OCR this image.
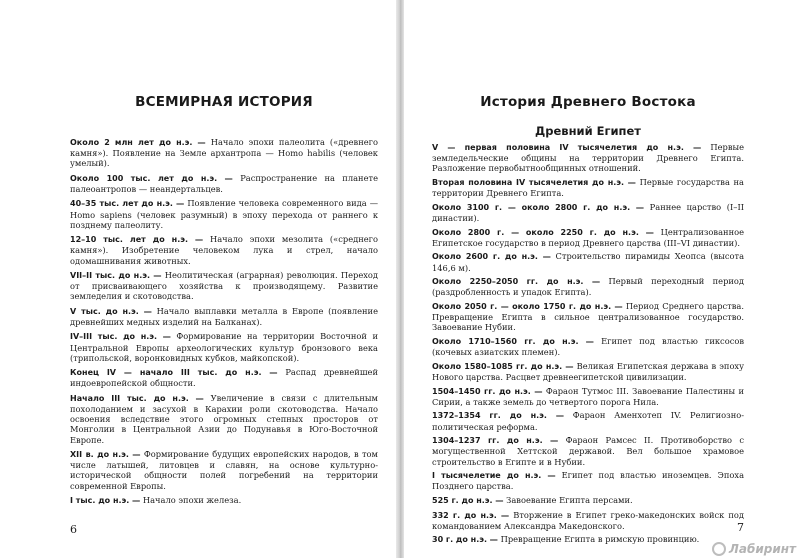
ВСЕМИРНАЯ ИСТОРИЯ
Около 2 млн лет до н.э. — Начало эпохи палеолита («древнего камня»). Появление на Земле архантропа — Homo habilis (человек умелый).
Около 100 тыс. лет до н.э. — Распространение на планете палеоантропов — неандертальцев.
40–35 тыс. лет до н.э. — Появление человека современного вида — Homo sapiens (человек разумный) в эпоху перехода от раннего к позднему палеолиту.
12–10 тыс. лет до н.э. — Начало эпохи мезолита («среднего камня»). Изобретение человеком лука и стрел, начало одомашнивания животных.
VII–II тыс. до н.э. — Неолитическая (аграрная) революция. Переход от присваивающего хозяйства к производящему. Развитие земледелия и скотоводства.
V тыс. до н.э. — Начало выплавки металла в Европе (появление древнейших медных изделий на Балканах).
IV–III тыс. до н.э. — Формирование на территории Восточной и Центральной Европы археологических культур бронзового века (трипольской, воронковидных кубков, майкопской).
Конец IV — начало III тыс. до н.э. — Распад древнейшей индоевропейской общности.
Начало III тыс. до н.э. — Увеличение в связи с длительным похолоданием и засухой в Карахии роли скотоводства. Начало освоения вследствие этого огромных степных просторов от Монголии в Центральной Азии до Подунавья в Юго-Восточной Европе.
XII в. до н.э. — Формирование будущих европейских народов, в том числе латышей, литовцев и славян, на основе культурно-исторической общности полей погребений на территории современной Европы.
I тыс. до н.э. — Начало эпохи железа.
6
История Древнего Востока
Древний Египет
V — первая половина IV тысячелетия до н.э. — Первые земледельческие общины на территории Древнего Египта. Разложение первобытнообщинных отношений.
Вторая половина IV тысячелетия до н.э. — Первые государства на территории Древнего Египта.
Около 3100 г. — около 2800 г. до н.э. — Раннее царство (I–II династии).
Около 2800 г. — около 2250 г. до н.э. — Централизованное Египетское государство в период Древнего царства (III–VI династии).
Около 2600 г. до н.э. — Строительство пирамиды Хеопса (высота 146,6 м).
Около 2250–2050 гг. до н.э. — Первый переходный период (раздробленность и упадок Египта).
Около 2050 г. — около 1750 г. до н.э. — Период Среднего царства. Превращение Египта в сильное централизованное государство. Завоевание Нубии.
Около 1710–1560 гг. до н.э. — Египет под властью гиксосов (кочевых азиатских племен).
Около 1580–1085 гг. до н.э. — Великая Египетская держава в эпоху Нового царства. Расцвет древнеегипетской цивилизации.
1504–1450 гг. до н.э. — Фараон Тутмос III. Завоевание Палестины и Сирии, а также земель до четвертого порога Нила.
1372–1354 гг. до н.э. — Фараон Аменхотеп IV. Религиозно-политическая реформа.
1304–1237 гг. до н.э. — Фараон Рамсес II. Противоборство с могущественной Хеттской державой. Вел большое храмовое строительство в Египте и в Нубии.
I тысячелетие до н.э. — Египет под властью иноземцев. Эпоха Позднего царства.
525 г. до н.э. — Завоевание Египта персами.
332 г. до н.э. — Вторжение в Египет греко-македонских войск под командованием Александра Македонского.
30 г. до н.э. — Превращение Египта в римскую провинцию.
7
Лабиринт
